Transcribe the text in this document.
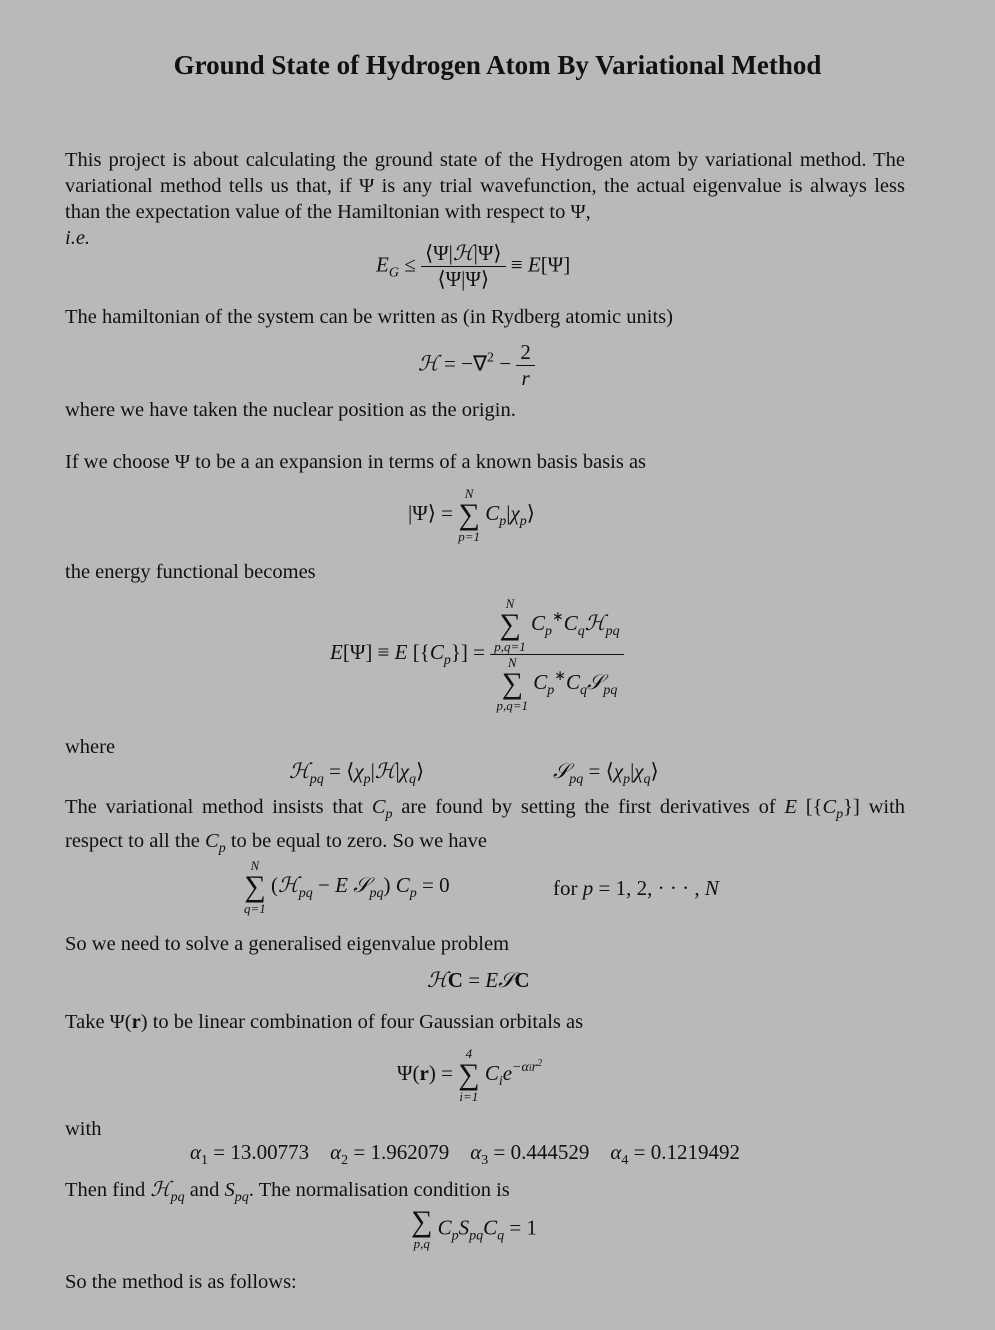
Ground State of Hydrogen Atom By Variational Method
This project is about calculating the ground state of the Hydrogen atom by variational method. The variational method tells us that, if Ψ is any trial wavefunction, the actual eigenvalue is always less than the expectation value of the Hamiltonian with respect to Ψ,
i.e.
$E_G \le \frac{\text{⟨Ψ|ℋ|Ψ⟩}}{⟨\Psi|\Psi⟩} \equiv E[\Psi]$
The hamiltonian of the system can be written as (in Rydberg atomic units)
ℋ = $-\nabla^2 - \frac{2}{r}$
where we have taken the nuclear position as the origin.
If we choose Ψ to be a an expansion in terms of a known basis basis as
|Ψ⟩ =
N
∑
p=1
$C_p|\chi_p⟩$
the energy functional becomes
E[Ψ] ≡ E $[\{C_p\}] = N$
∑
p,q=1
$C_p^∗C_qℋ_{pq}$
N
∑
p,q=1
$C_p^∗C_q𝒮_{pq}$
where
ℋ$_{pq}$ = $⟨\chi_p|ℋ|\chi_q⟩$	𝒮$_{pq}$ = $⟨\chi_p|\chi_q⟩$
The variational method insists that $C_p$ are found by setting the first derivatives of E $[\{C_p\}]$ with respect to all the $C_p$ to be equal to zero. So we have
N
∑
q=1
(ℋ$_{pq}$ − E 𝒮$_{pq}$) $C_p = 0$	for p = 1, 2, · · · , N
So we need to solve a generalised eigenvalue problem
ℋC = E𝒮C
Take Ψ(r) to be linear combination of four Gaussian orbitals as
Ψ(r) =
4
∑
i=1
$C_ie^{-\alpha ir^2}$
with
$\alpha_1 = 13.00773$ $\alpha_2 = 1.962079$ $\alpha_3 = 0.444529$ $\alpha_4 = 0.1219492$
Then find ℋ$_{pq}$ and $S_{pq}$. The normalisation condition is
∑
p,q
$C_pS_{pq}C_q = 1$
So the method is as follows:
